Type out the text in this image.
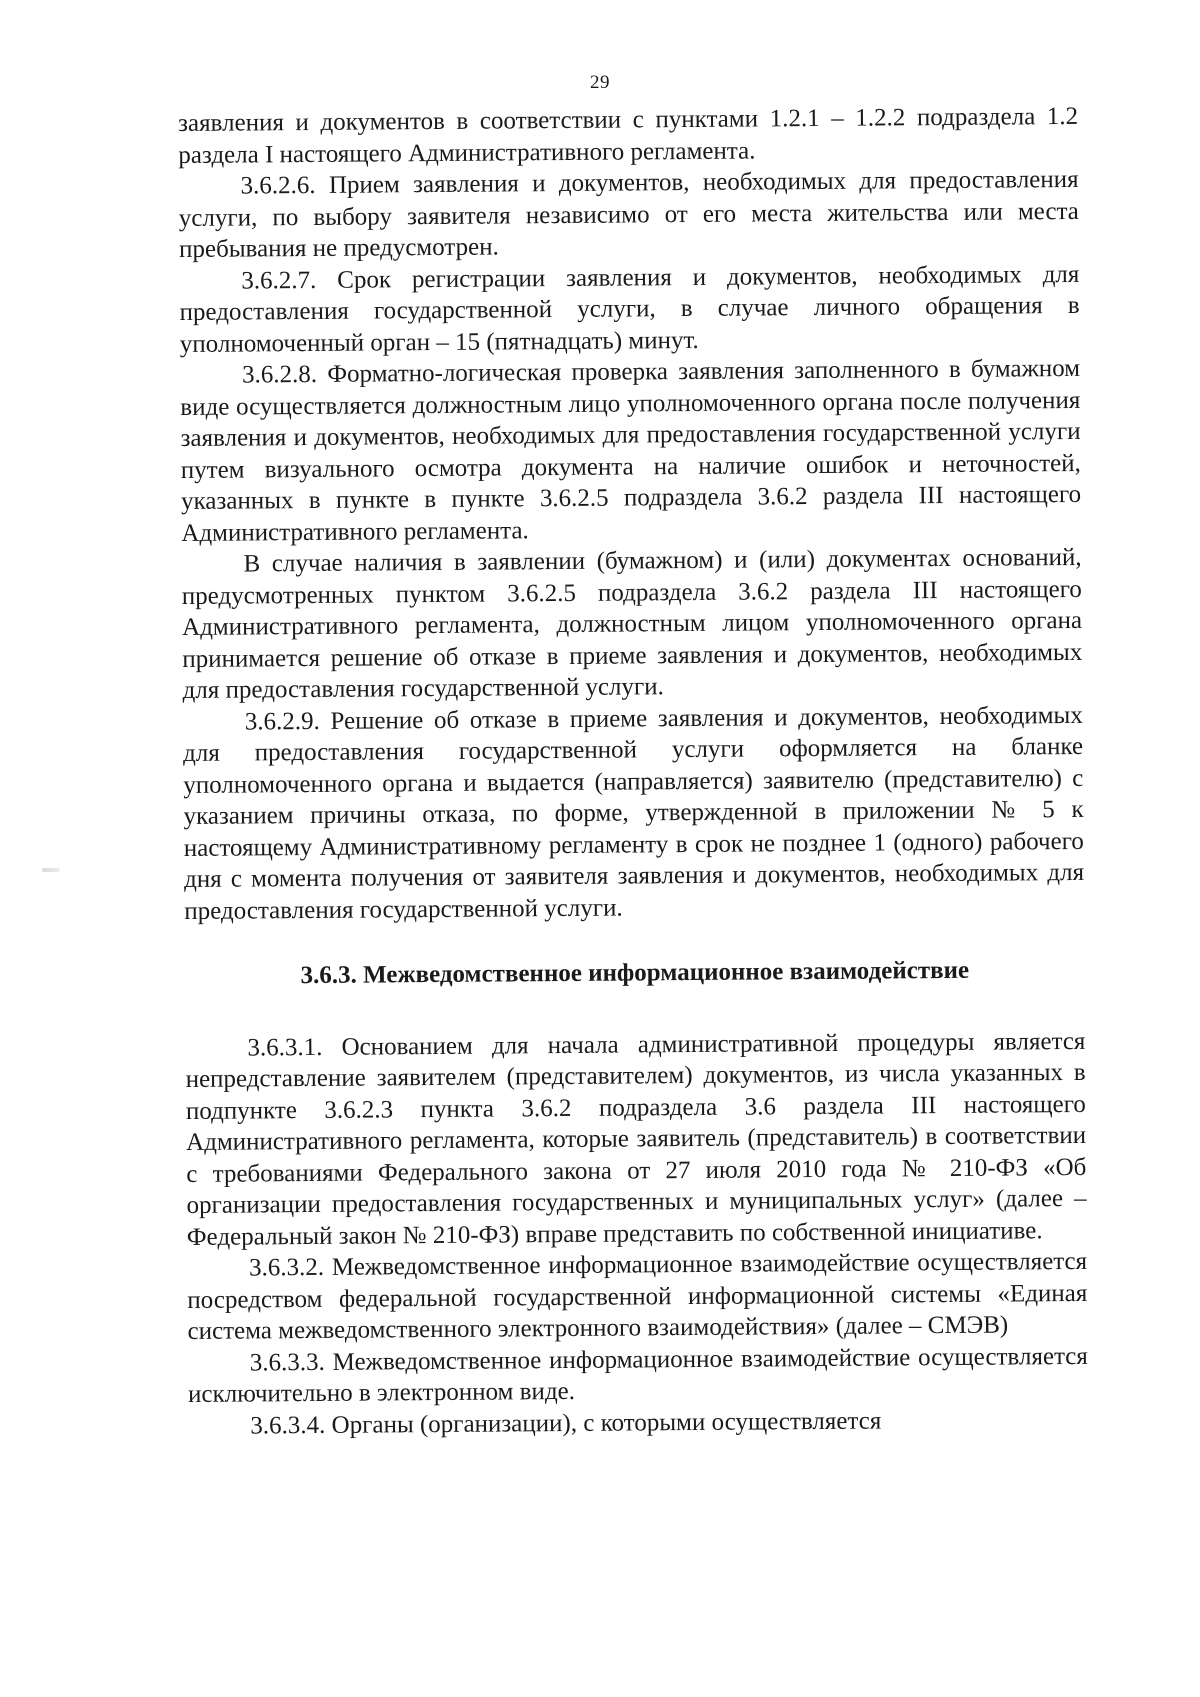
29

заявления и документов в соответствии с пунктами 1.2.1 – 1.2.2 подраздела 1.2 раздела I настоящего Административного регламента.

3.6.2.6. Прием заявления и документов, необходимых для предоставления услуги, по выбору заявителя независимо от его места жительства или места пребывания не предусмотрен.

3.6.2.7. Срок регистрации заявления и документов, необходимых для предоставления государственной услуги, в случае личного обращения в уполномоченный орган – 15 (пятнадцать) минут.

3.6.2.8. Форматно-логическая проверка заявления заполненного в бумажном виде осуществляется должностным лицо уполномоченного органа после получения заявления и документов, необходимых для предоставления государственной услуги путем визуального осмотра документа на наличие ошибок и неточностей, указанных в пункте в пункте 3.6.2.5 подраздела 3.6.2 раздела III настоящего Административного регламента.

В случае наличия в заявлении (бумажном) и (или) документах оснований, предусмотренных пунктом 3.6.2.5 подраздела 3.6.2 раздела III настоящего Административного регламента, должностным лицом уполномоченного органа принимается решение об отказе в приеме заявления и документов, необходимых для предоставления государственной услуги.

3.6.2.9. Решение об отказе в приеме заявления и документов, необходимых для предоставления государственной услуги оформляется на бланке уполномоченного органа и выдается (направляется) заявителю (представителю) с указанием причины отказа, по форме, утвержденной в приложении № 5 к настоящему Административному регламенту в срок не позднее 1 (одного) рабочего дня с момента получения от заявителя заявления и документов, необходимых для предоставления государственной услуги.

3.6.3. Межведомственное информационное взаимодействие

3.6.3.1. Основанием для начала административной процедуры является непредставление заявителем (представителем) документов, из числа указанных в подпункте 3.6.2.3 пункта 3.6.2 подраздела 3.6 раздела III настоящего Административного регламента, которые заявитель (представитель) в соответствии с требованиями Федерального закона от 27 июля 2010 года № 210-ФЗ «Об организации предоставления государственных и муниципальных услуг» (далее – Федеральный закон № 210-ФЗ) вправе представить по собственной инициативе.

3.6.3.2. Межведомственное информационное взаимодействие осуществляется посредством федеральной государственной информационной системы «Единая система межведомственного электронного взаимодействия» (далее – СМЭВ)

3.6.3.3. Межведомственное информационное взаимодействие осуществляется исключительно в электронном виде.

3.6.3.4. Органы (организации), с которыми осуществляется
